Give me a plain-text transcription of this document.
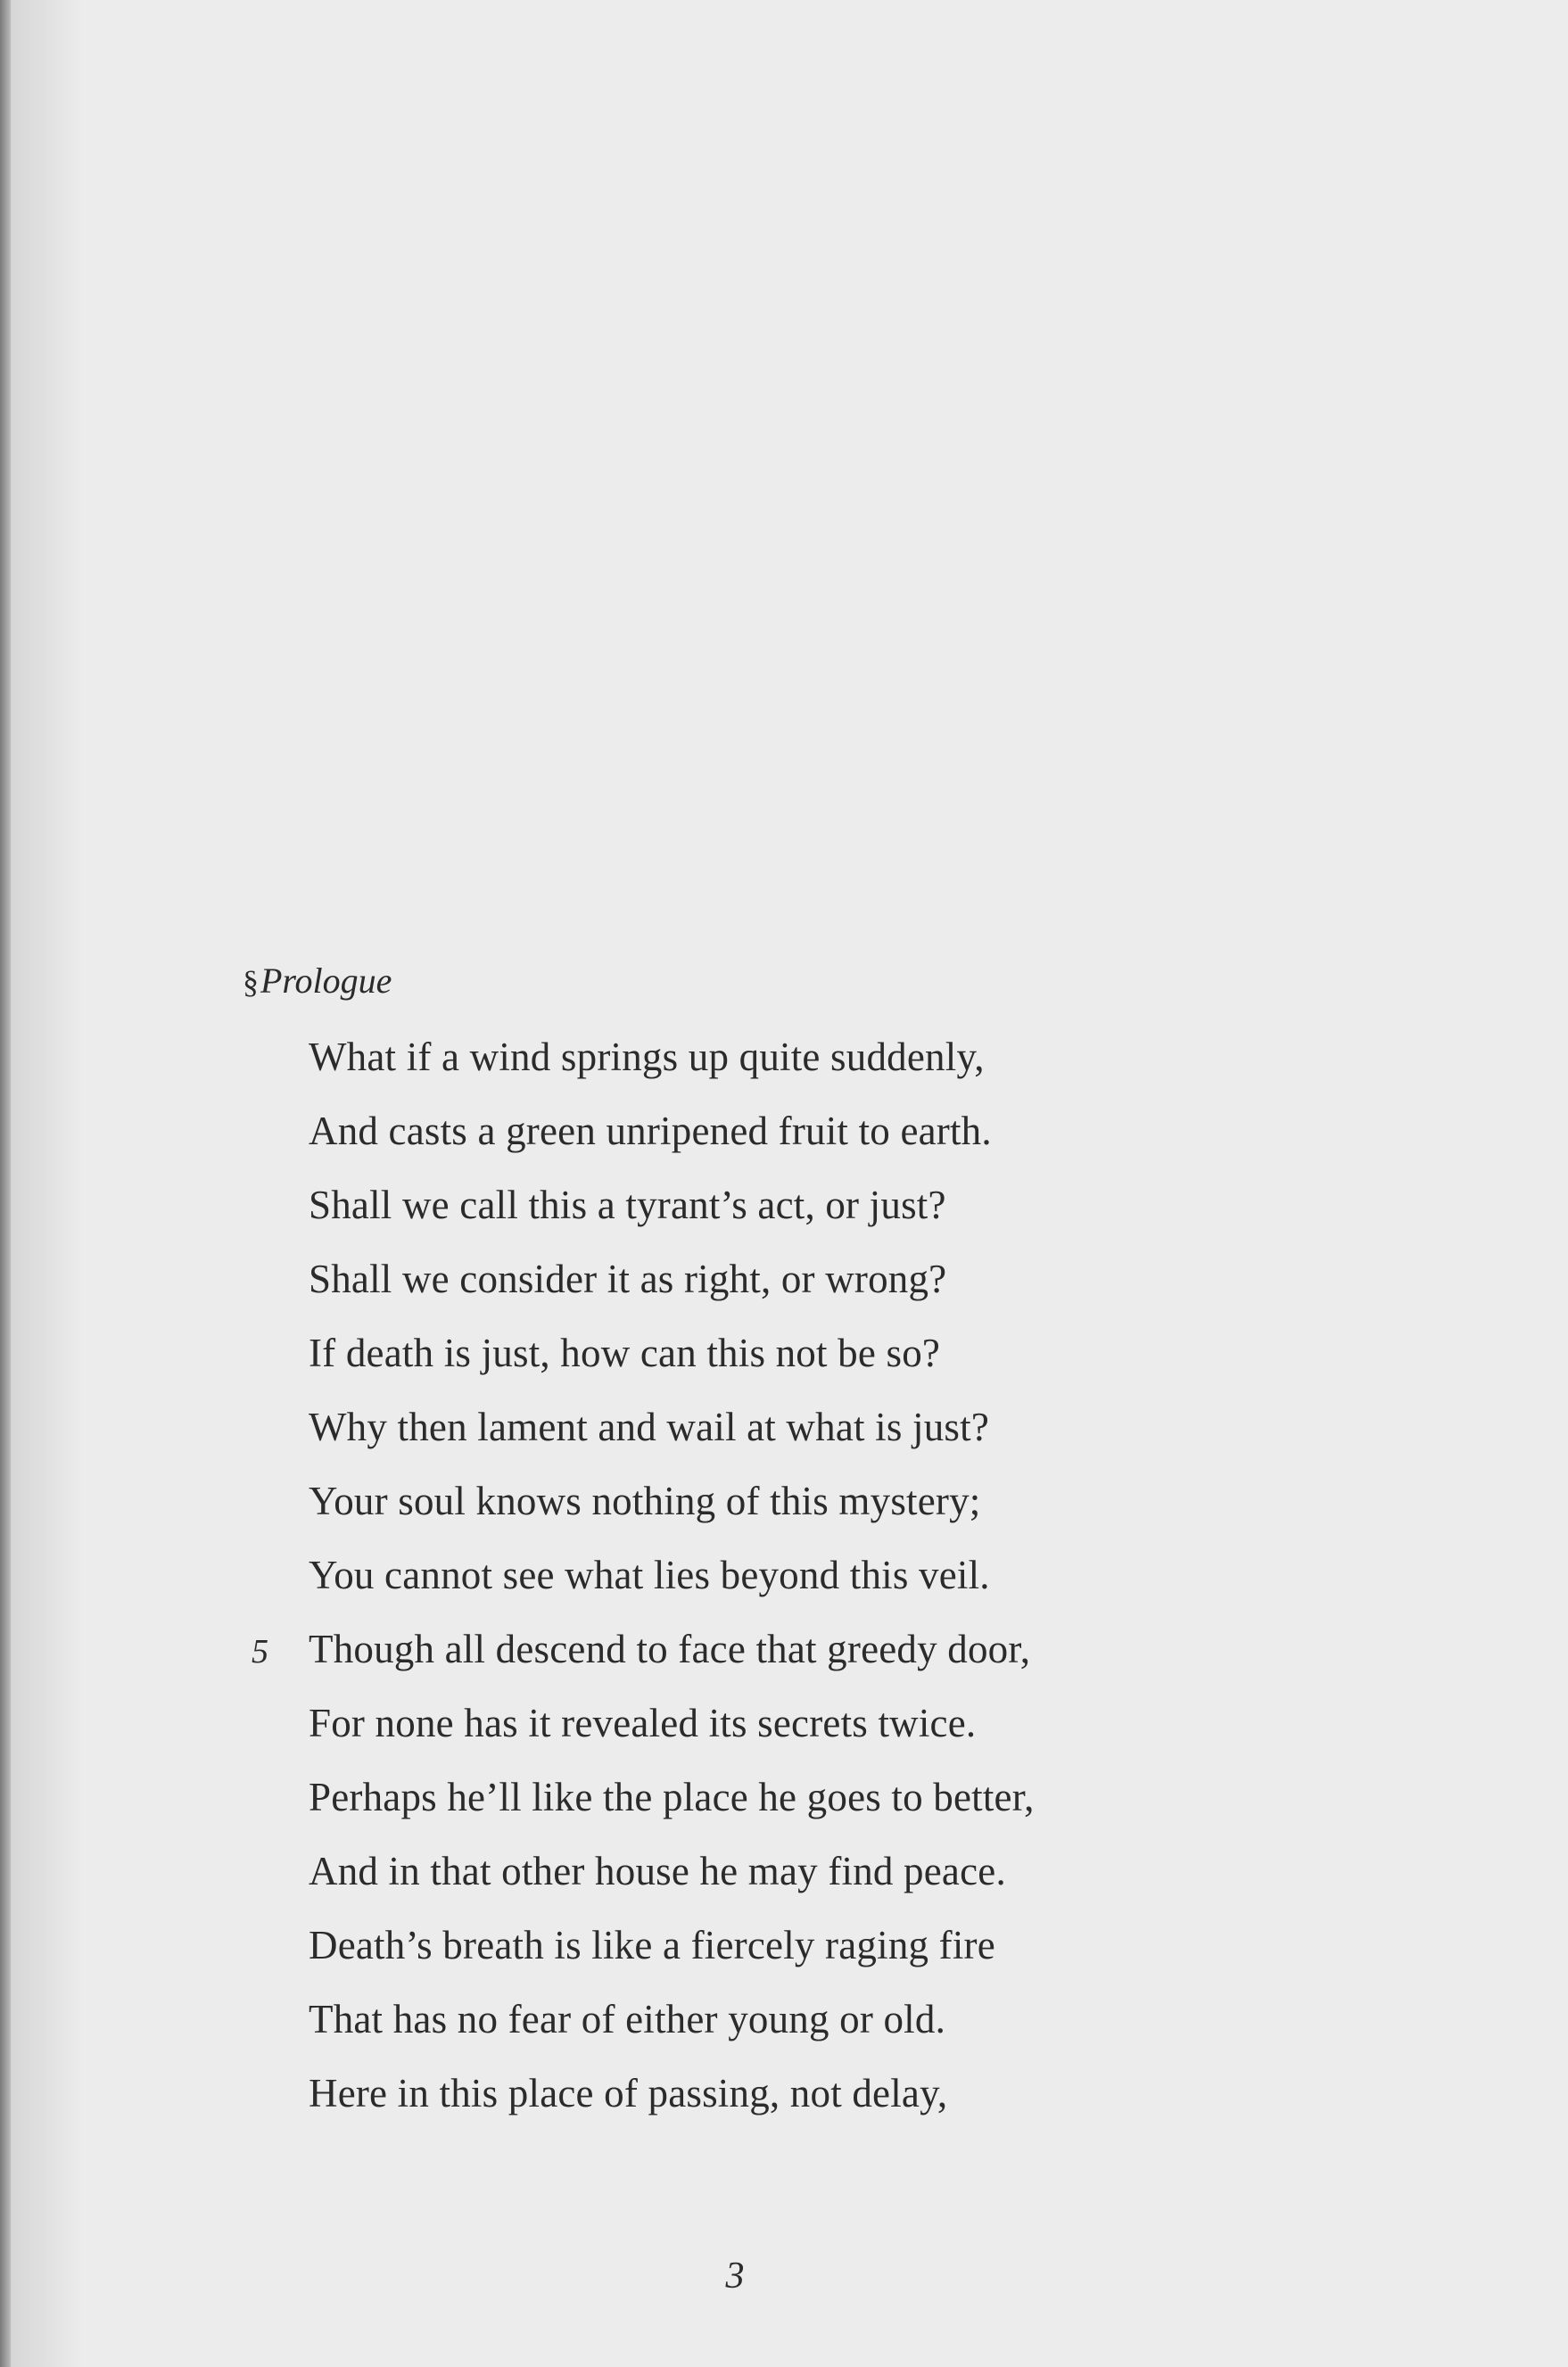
§Prologue
What if a wind springs up quite suddenly,
And casts a green unripened fruit to earth.
Shall we call this a tyrant’s act, or just?
Shall we consider it as right, or wrong?
If death is just, how can this not be so?
Why then lament and wail at what is just?
Your soul knows nothing of this mystery;
You cannot see what lies beyond this veil.
5 Though all descend to face that greedy door,
For none has it revealed its secrets twice.
Perhaps he’ll like the place he goes to better,
And in that other house he may find peace.
Death’s breath is like a fiercely raging fire
That has no fear of either young or old.
Here in this place of passing, not delay,
3
